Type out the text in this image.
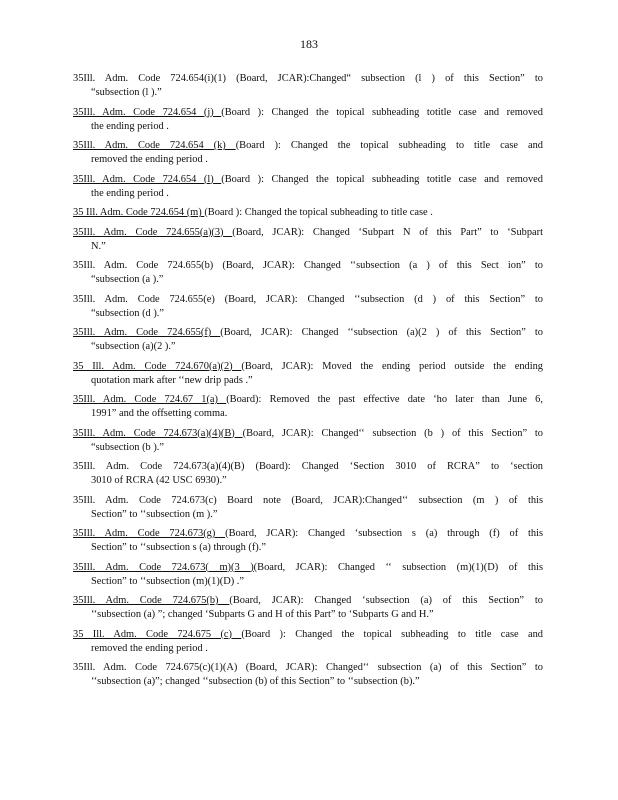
183
35Ill. Adm. Code 724.654(i)(1) (Board, JCAR):Changed“ subsection (l ) of this Section” to
“subsection (l ).”
35Ill. Adm. Code 724.654 (j) (Board ): Changed the topical subheading totitle case and removed
the ending period .
35Ill. Adm. Code 724.654 (k) (Board ): Changed the topical subheading to title case and
removed the ending period .
35Ill. Adm. Code 724.654 (l) (Board ): Changed the topical subheading totitle case and removed
the ending period .
35 Ill. Adm. Code 724.654 (m) (Board ): Changed the topical subheading to title case .
35Ill. Adm. Code 724.655(a)(3) (Board, JCAR): Changed ‘Subpart N of this Part” to ‘Subpart
N.”
35Ill. Adm. Code 724.655(b) (Board, JCAR): Changed ‘‘subsection (a ) of this Sect ion” to
“subsection (a ).”
35Ill. Adm. Code 724.655(e) (Board, JCAR): Changed ‘‘subsection (d ) of this Section” to
“subsection (d ).”
35Ill. Adm. Code 724.655(f) (Board, JCAR): Changed ‘‘subsection (a)(2 ) of this Section” to
“subsection (a)(2 ).”
35 Ill. Adm. Code 724.670(a)(2) (Board, JCAR): Moved the ending period outside the ending
quotation mark after ‘‘new drip pads .”
35Ill. Adm. Code 724.67 1(a) (Board): Removed the past effective date ‘ho later than June 6,
1991” and the offsetting comma.
35Ill. Adm. Code 724.673(a)(4)(B) (Board, JCAR): Changed‘‘ subsection (b ) of this Section” to
“subsection (b ).”
35Ill. Adm. Code 724.673(a)(4)(B) (Board): Changed ‘Section 3010 of RCRA” to ‘section
3010 of RCRA (42 USC 6930).”
35Ill. Adm. Code 724.673(c) Board note (Board, JCAR):Changed‘‘ subsection (m ) of this
Section” to ‘‘subsection (m ).”
35Ill. Adm. Code 724.673(g) (Board, JCAR): Changed ‘subsection s (a) through (f) of this
Section” to ‘‘subsection s (a) through (f).”
35Ill. Adm. Code 724.673( m)(3 )(Board, JCAR): Changed ‘‘ subsection (m)(1)(D) of this
Section” to ‘‘subsection (m)(1)(D) .”
35Ill. Adm. Code 724.675(b) (Board, JCAR): Changed ‘subsection (a) of this Section” to
‘‘subsection (a) ”; changed ‘Subparts G and H of this Part” to ‘Subparts G and H.”
35 Ill. Adm. Code 724.675 (c) (Board ): Changed the topical subheading to title case and
removed the ending period .
35Ill. Adm. Code 724.675(c)(1)(A) (Board, JCAR): Changed‘‘ subsection (a) of this Section” to
‘‘subsection (a)”; changed ‘‘subsection (b) of this Section” to ‘‘subsection (b).”
